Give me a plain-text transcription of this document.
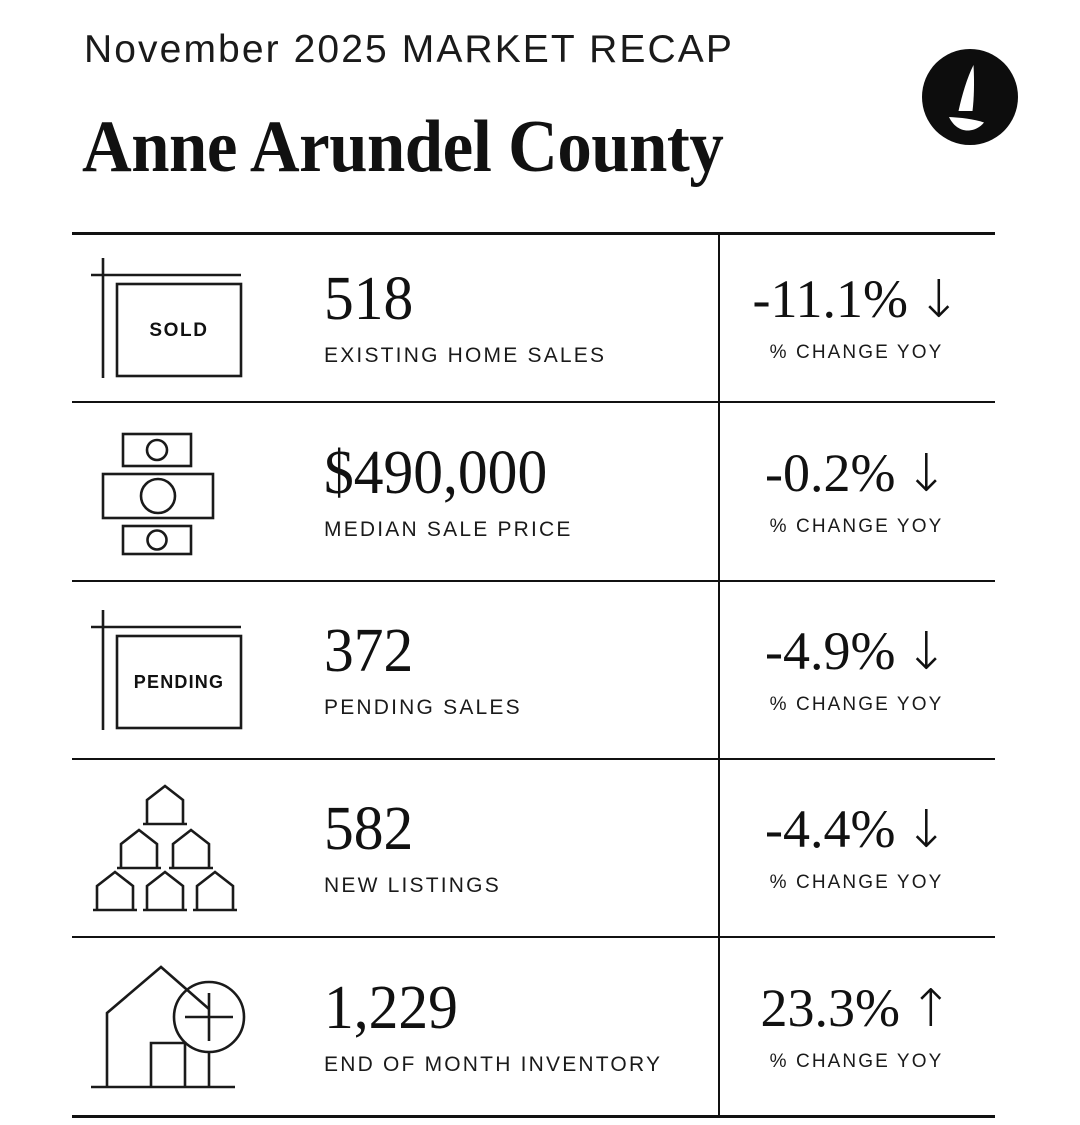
November 2025 MARKET RECAP
Anne Arundel County
SOLD 518
EXISTING HOME SALES
-11.1% ↓
% CHANGE YOY
$490,000
MEDIAN SALE PRICE
-0.2% ↓
% CHANGE YOY
PENDING 372
PENDING SALES
-4.9% ↓
% CHANGE YOY
582
NEW LISTINGS
-4.4% ↓
% CHANGE YOY
1,229
END OF MONTH INVENTORY
23.3% ↑
% CHANGE YOY
